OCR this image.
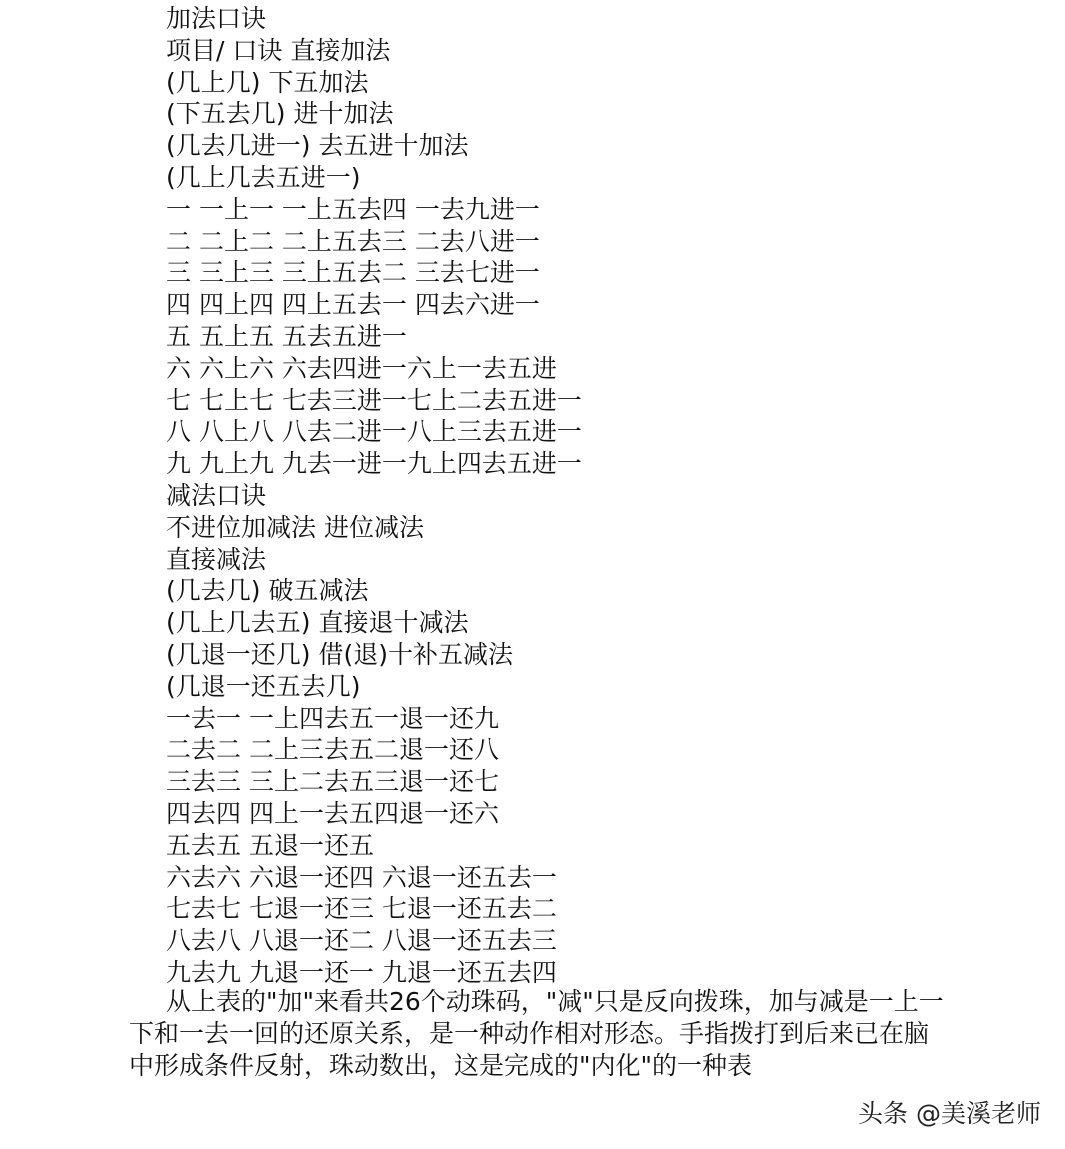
加法口诀
项目/ 口诀 直接加法
(几上几) 下五加法
(下五去几) 进十加法
(几去几进一) 去五进十加法
(几上几去五进一)
一 一上一 一上五去四 一去九进一
二 二上二 二上五去三 二去八进一
三 三上三 三上五去二 三去七进一
四 四上四 四上五去一 四去六进一
五 五上五 五去五进一
六 六上六 六去四进一六上一去五进
七 七上七 七去三进一七上二去五进一
八 八上八 八去二进一八上三去五进一
九 九上九 九去一进一九上四去五进一
减法口诀
不进位加减法 进位减法
直接减法
(几去几) 破五减法
(几上几去五) 直接退十减法
(几退一还几) 借(退)十补五减法
(几退一还五去几)
一去一 一上四去五一退一还九
二去二 二上三去五二退一还八
三去三 三上二去五三退一还七
四去四 四上一去五四退一还六
五去五 五退一还五
六去六 六退一还四 六退一还五去一
七去七 七退一还三 七退一还五去二
八去八 八退一还二 八退一还五去三
九去九 九退一还一 九退一还五去四

从上表的"加"来看共26个动珠码，"减"只是反向拨珠，加与减是一上一下和一去一回的还原关系，是一种动作相对形态。手指拨打到后来已在脑中形成条件反射，珠动数出，这是完成的"内化"的一种表

头条 @美溪老师
